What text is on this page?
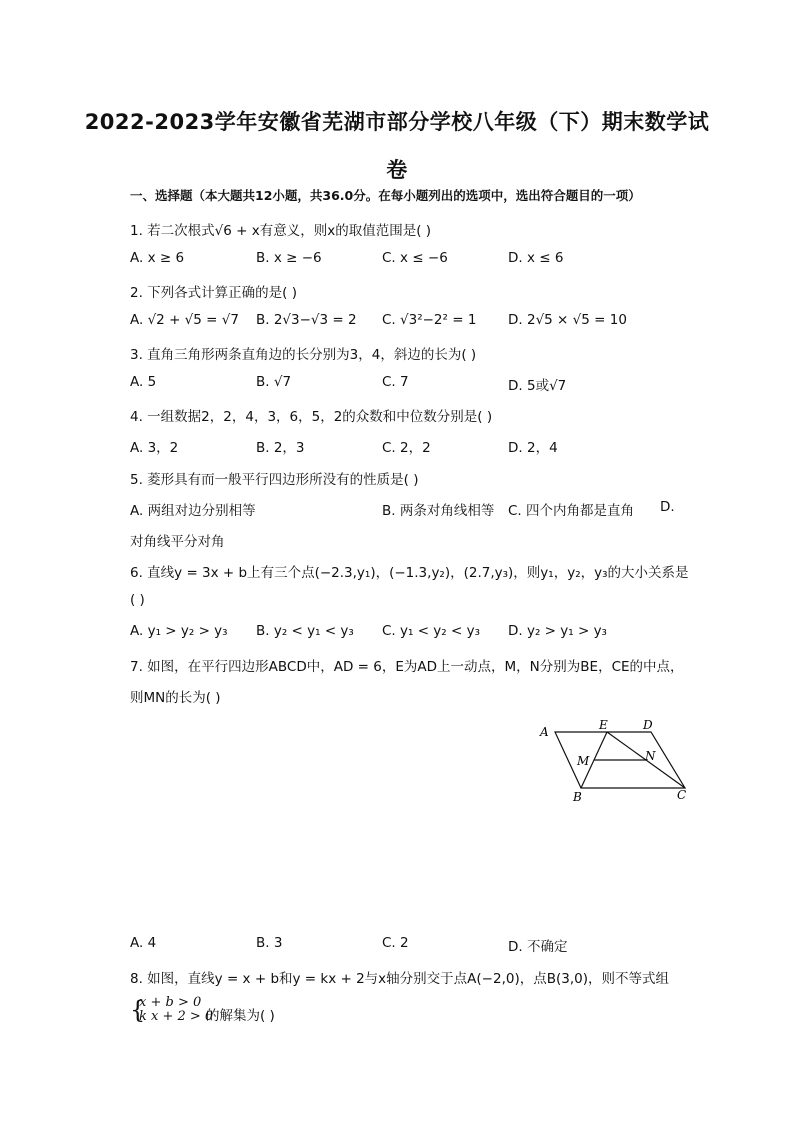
2022-2023学年安徽省芜湖市部分学校八年级（下）期末数学试
卷
一、选择题（本大题共12小题，共36.0分。在每小题列出的选项中，选出符合题目的一项）
1. 若二次根式√6 + x有意义，则x的取值范围是( )
A. x ≥ 6	B. x ≥ −6	C. x ≤ −6	D. x ≤ 6
2. 下列各式计算正确的是( )
A. √2 + √5 = √7 B. 2√3−√3 = 2 C. √3²−2² = 1 D. 2√5 × √5 = 10
3. 直角三角形两条直角边的长分别为3，4，斜边的长为( )
A. 5	B. √7	C. 7	D. 5或√7
4. 一组数据2，2，4，3，6，5，2的众数和中位数分别是( )
A. 3，2	B. 2，3	C. 2，2	D. 2，4
5. 菱形具有而一般平行四边形所没有的性质是( )
A. 两组对边分别相等	B. 两条对角线相等 C. 四个内角都是直角 D.
对角线平分对角
6. 直线y = 3x + b上有三个点(−2.3,y₁)，(−1.3,y₂)，(2.7,y₃)，则y₁，y₂，y₃的大小关系是
( )
A. y₁ > y₂ > y₃ B. y₂ < y₁ < y₃ C. y₁ < y₂ < y₃ D. y₂ > y₁ > y₃
7. 如图，在平行四边形ABCD中，AD = 6，E为AD上一动点，M，N分别为BE，CE的中点，
则MN的长为( )
A	E	D
M	N
B	C
A. 4	B. 3	C. 2	D. 不确定
8. 如图，直线y = x + b和y = kx + 2与x轴分别交于点A(−2,0)，点B(3,0)，则不等式组
{
x + b > 0
k x + 2 > 0
的解集为( )
